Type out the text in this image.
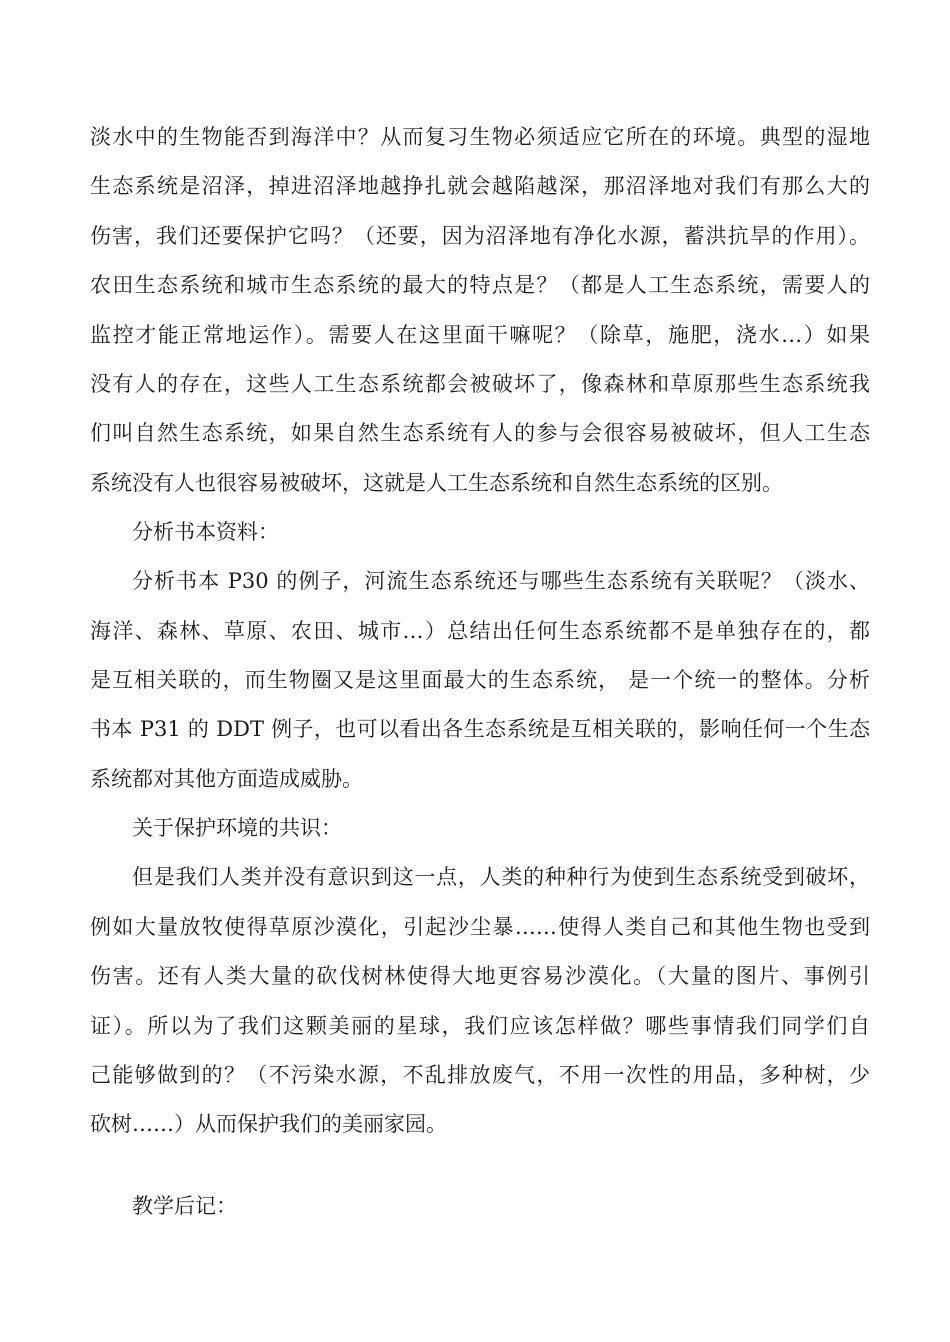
淡水中的生物能否到海洋中？从而复习生物必须适应它所在的环境。典型的湿地
生态系统是沼泽，掉进沼泽地越挣扎就会越陷越深，那沼泽地对我们有那么大的
伤害，我们还要保护它吗？（还要，因为沼泽地有净化水源，蓄洪抗旱的作用）。
农田生态系统和城市生态系统的最大的特点是？（都是人工生态系统，需要人的
监控才能正常地运作）。需要人在这里面干嘛呢？（除草，施肥，浇水…）如果
没有人的存在，这些人工生态系统都会被破坏了，像森林和草原那些生态系统我
们叫自然生态系统，如果自然生态系统有人的参与会很容易被破坏，但人工生态
系统没有人也很容易被破坏，这就是人工生态系统和自然生态系统的区别。
分析书本资料：
分析书本 P30 的例子，河流生态系统还与哪些生态系统有关联呢？（淡水、
海洋、森林、草原、农田、城市…）总结出任何生态系统都不是单独存在的，都
是互相关联的，而生物圈又是这里面最大的生态系统， 是一个统一的整体。分析
书本 P31 的 DDT 例子，也可以看出各生态系统是互相关联的，影响任何一个生态
系统都对其他方面造成威胁。
关于保护环境的共识：
但是我们人类并没有意识到这一点，人类的种种行为使到生态系统受到破坏，
例如大量放牧使得草原沙漠化，引起沙尘暴……使得人类自己和其他生物也受到
伤害。还有人类大量的砍伐树林使得大地更容易沙漠化。（大量的图片、事例引
证）。所以为了我们这颗美丽的星球，我们应该怎样做？哪些事情我们同学们自
己能够做到的？（不污染水源，不乱排放废气，不用一次性的用品，多种树，少
砍树……）从而保护我们的美丽家园。
教学后记：
